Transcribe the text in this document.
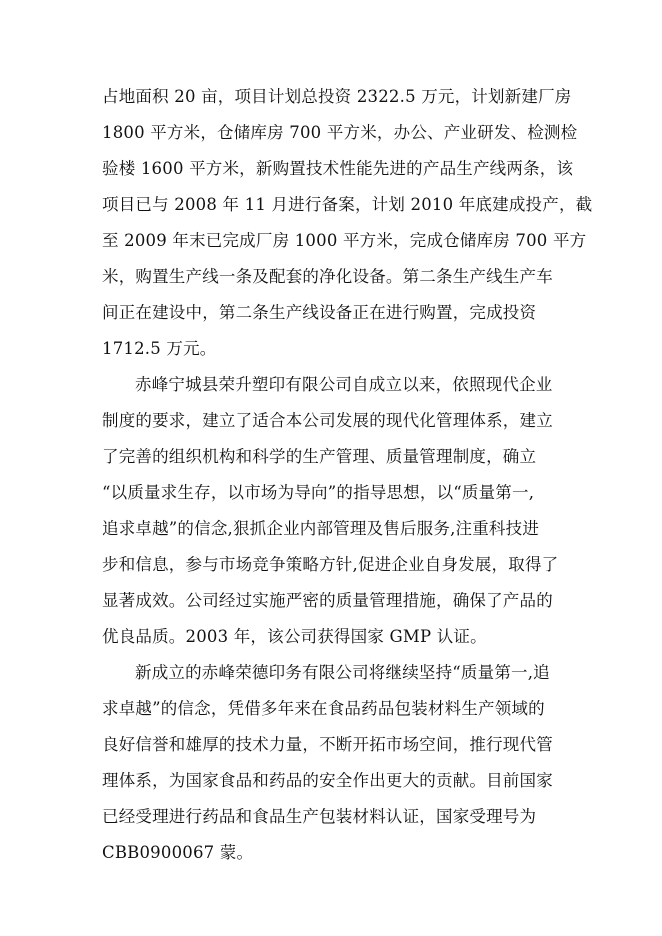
占地面积 20 亩，项目计划总投资 2322.5 万元，计划新建厂房
1800 平方米，仓储库房 700 平方米，办公、产业研发、检测检
验楼 1600 平方米，新购置技术性能先进的产品生产线两条，该
项目已与 2008 年 11 月进行备案，计划 2010 年底建成投产，截
至 2009 年末已完成厂房 1000 平方米，完成仓储库房 700 平方
米，购置生产线一条及配套的净化设备。第二条生产线生产车
间正在建设中，第二条生产线设备正在进行购置，完成投资
1712.5 万元。
赤峰宁城县荣升塑印有限公司自成立以来，依照现代企业
制度的要求，建立了适合本公司发展的现代化管理体系，建立
了完善的组织机构和科学的生产管理、质量管理制度，确立
“以质量求生存，以市场为导向”的指导思想，以“质量第一,
追求卓越”的信念,狠抓企业内部管理及售后服务,注重科技进
步和信息，参与市场竞争策略方针,促进企业自身发展，取得了
显著成效。公司经过实施严密的质量管理措施，确保了产品的
优良品质。2003 年，该公司获得国家 GMP 认证。
新成立的赤峰荣德印务有限公司将继续坚持“质量第一,追
求卓越”的信念，凭借多年来在食品药品包装材料生产领域的
良好信誉和雄厚的技术力量，不断开拓市场空间，推行现代管
理体系，为国家食品和药品的安全作出更大的贡献。目前国家
已经受理进行药品和食品生产包装材料认证，国家受理号为
CBB0900067 蒙。
